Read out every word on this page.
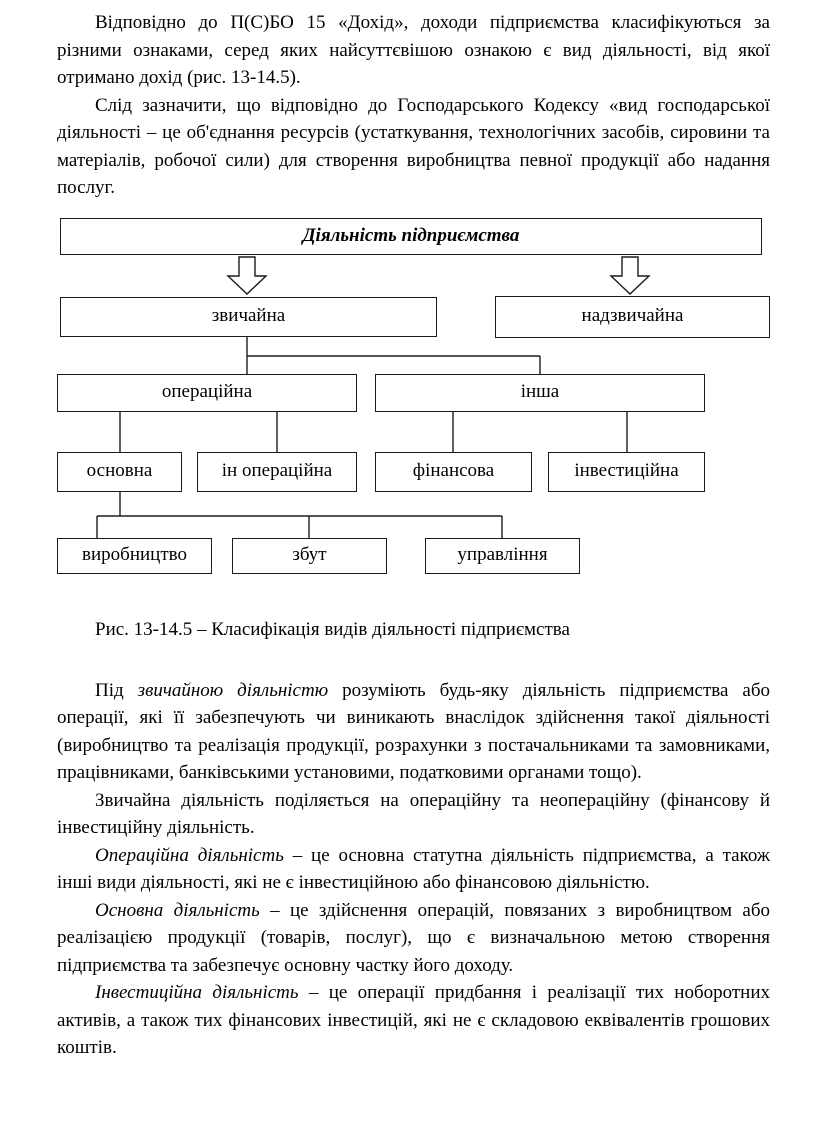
Відповідно до П(С)БО 15 «Дохід», доходи підприємства класифікуються за різними ознаками, серед яких найсуттєвішою ознакою є вид діяльності, від якої отримано дохід (рис. 13-14.5).

Слід зазначити, що відповідно до Господарського Кодексу «вид господарської діяльності – це об'єднання ресурсів (устаткування, технологічних засобів, сировини та матеріалів, робочої сили) для створення виробництва певної продукції або надання послуг.

Діяльність підприємства
звичайна	надзвичайна
операційна	інша
основна	ін операційна	фінансова	інвестиційна
виробництво	збут	управління

Рис. 13-14.5 – Класифікація видів діяльності підприємства

Під звичайною діяльністю розуміють будь-яку діяльність підприємства або операції, які її забезпечують чи виникають внаслідок здійснення такої діяльності (виробництво та реалізація продукції, розрахунки з постачальниками та замовниками, працівниками, банківськими установими, податковими органами тощо).

Звичайна діяльність поділяється на операційну та неопераційну (фінансову й інвестиційну діяльність.

Операційна діяльність – це основна статутна діяльність підприємства, а також інші види діяльності, які не є інвестиційною або фінансовою діяльністю.

Основна діяльність – це здійснення операцій, повязаних з виробництвом або реалізацією продукції (товарів, послуг), що є визначальною метою створення підприємства та забезпечує основну частку його доходу.

Інвестиційна діяльність – це операції придбання і реалізації тих ноборотних активів, а також тих фінансових інвестицій, які не є складовою еквівалентів грошових коштів.
